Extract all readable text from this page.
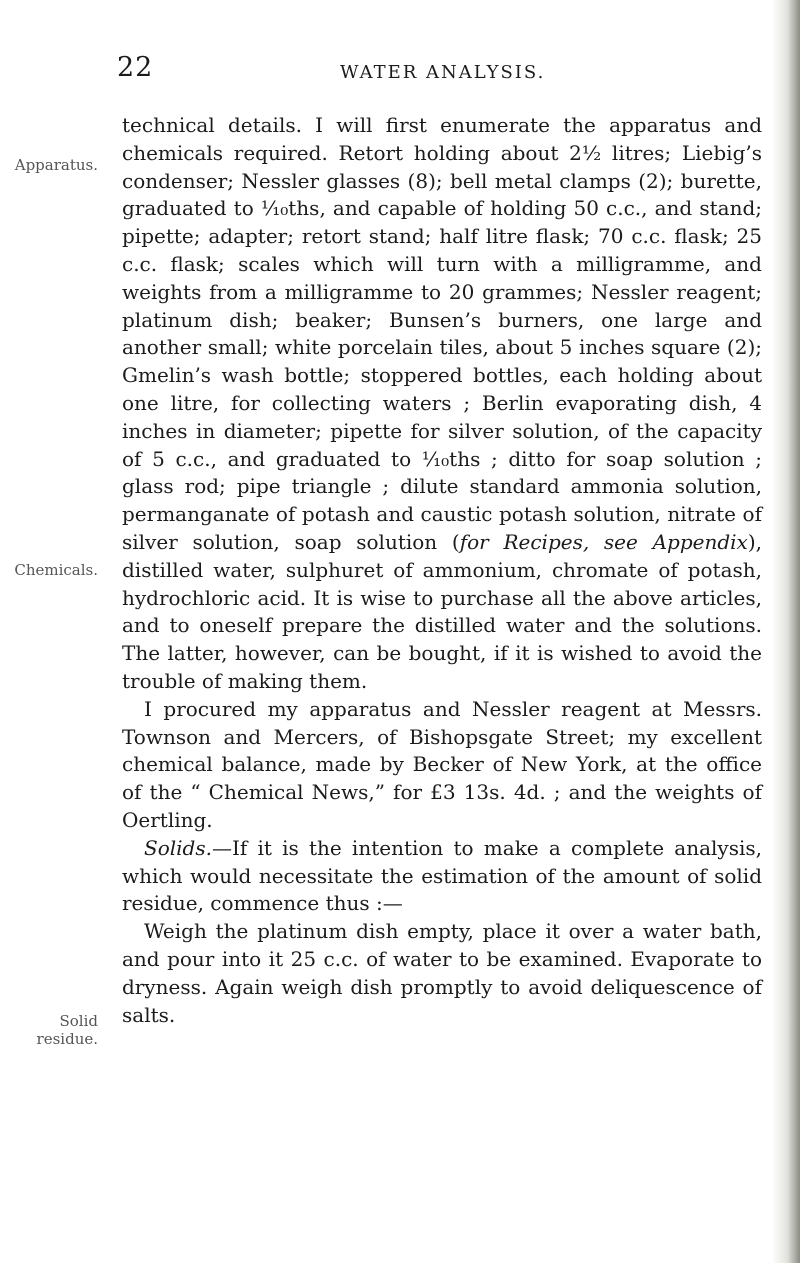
22	WATER ANALYSIS.
Apparatus.
Chemicals.
Solid
residue.

technical details. I will first enumerate the apparatus and chemicals required. Retort holding about 2½ litres; Liebig’s condenser; Nessler glasses (8); bell metal clamps (2); burette, graduated to ¹⁄₁₀ths, and capable of holding 50 c.c., and stand; pipette; adapter; retort stand; half litre flask; 70 c.c. flask; 25 c.c. flask; scales which will turn with a milligramme, and weights from a milligramme to 20 grammes; Nessler reagent; platinum dish; beaker; Bunsen’s burners, one large and another small; white porcelain tiles, about 5 inches square (2); Gmelin’s wash bottle; stoppered bottles, each holding about one litre, for collecting waters ; Berlin evaporating dish, 4 inches in diameter; pipette for silver solution, of the capacity of 5 c.c., and graduated to ¹⁄₁₀ths ; ditto for soap solution ; glass rod; pipe triangle ; dilute standard ammonia solution, permanganate of potash and caustic potash solution, nitrate of silver solution, soap solution (for Recipes, see Appendix), distilled water, sulphuret of ammonium, chromate of potash, hydrochloric acid. It is wise to purchase all the above articles, and to oneself prepare the distilled water and the solutions. The latter, however, can be bought, if it is wished to avoid the trouble of making them.

I procured my apparatus and Nessler reagent at Messrs. Townson and Mercers, of Bishopsgate Street; my excellent chemical balance, made by Becker of New York, at the office of the “ Chemical News,” for £3 13s. 4d. ; and the weights of Oertling.

Solids.—If it is the intention to make a complete analysis, which would necessitate the estimation of the amount of solid residue, commence thus :—

Weigh the platinum dish empty, place it over a water bath, and pour into it 25 c.c. of water to be examined. Evaporate to dryness. Again weigh dish promptly to avoid deliquescence of salts.
